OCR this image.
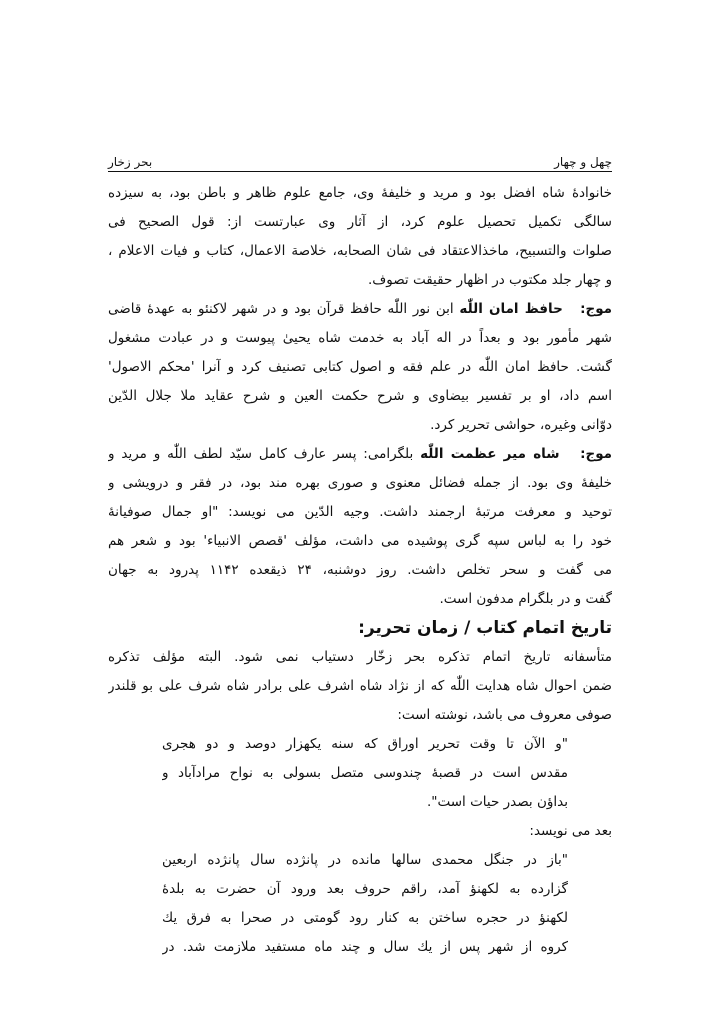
چهل و چهار
بحر زخار
خانوادهٔ شاه افضل بود و مرید و خلیفهٔ وی، جامع علوم ظاهر و باطن بود، به سیزده
سالگی تکمیل تحصیل علوم کرد، از آثار وی عبارتست از: قول الصحیح فی
صلوات والتسبیح، ماخذالاعتقاد فی شان الصحابه، خلاصة الاعمال، کتاب و فیات الاعلام ،
و چهار جلد مکتوب در اظهار حقیقت تصوف.
موج:   حافظ امان اللّٰه ابن نور اللّٰه حافظ قرآن بود و در شهر لاکنئو به عهدهٔ قاضی
شهر مأمور بود و بعداً در اله آباد به خدمت شاه یحییٰ پیوست و در عبادت مشغول
گشت. حافظ امان اللّٰه در علم فقه و اصول کتابی تصنیف کرد و آنرا 'محکم الاصول'
اسم داد، او بر تفسیر بیضاوی و شرح حکمت العین و شرح عقاید ملا جلال الدّین
دوّانی وغیره، حواشی تحریر کرد.
موج:   شاه میر عظمت اللّٰه بلگرامی: پسر عارف کامل سیّد لطف اللّٰه و مرید و
خلیفهٔ وی بود. از جمله فضائل معنوی و صوری بهره مند بود، در فقر و درویشی و
توحید و معرفت مرتبهٔ ارجمند داشت. وجیه الدّین می نویسد: "او جمال صوفیانهٔ
خود را به لباس سپه گری پوشیده می داشت، مؤلف 'قصص الانبیاء' بود و شعر هم
می گفت و سحر تخلص داشت. روز دوشنبه، ۲۴ ذیقعده ۱۱۴۲ پدرود به جهان
گفت و در بلگرام مدفون است.
تاریخ اتمام کتاب / زمان تحریر:
متأسفانه تاریخ اتمام تذکره بحر زخّار دستیاب نمی شود. البته مؤلف تذکره
ضمن احوال شاه هدایت اللّٰه که از نژاد شاه اشرف علی برادر شاه شرف علی بو قلندر
صوفی معروف می باشد، نوشته است:
"و الآن تا وقت تحریر اوراق که سنه یکهزار دوصد و دو هجری
مقدس است در قصبهٔ چندوسی متصل بسولی به نواح مرادآباد و
بداؤن بصدر حیات است".
بعد می نویسد:
"باز در جنگل محمدی سالها مانده در پانژده سال پانژده اربعین
گزارده به لکهنؤ آمد، راقم حروف بعد ورود آن حضرت به بلدهٔ
لکهنؤ در حجره ساختن به کنار رود گومتی در صحرا به فرق یك
کروه از شهر پس از یك سال و چند ماه مستفید ملازمت شد. در
